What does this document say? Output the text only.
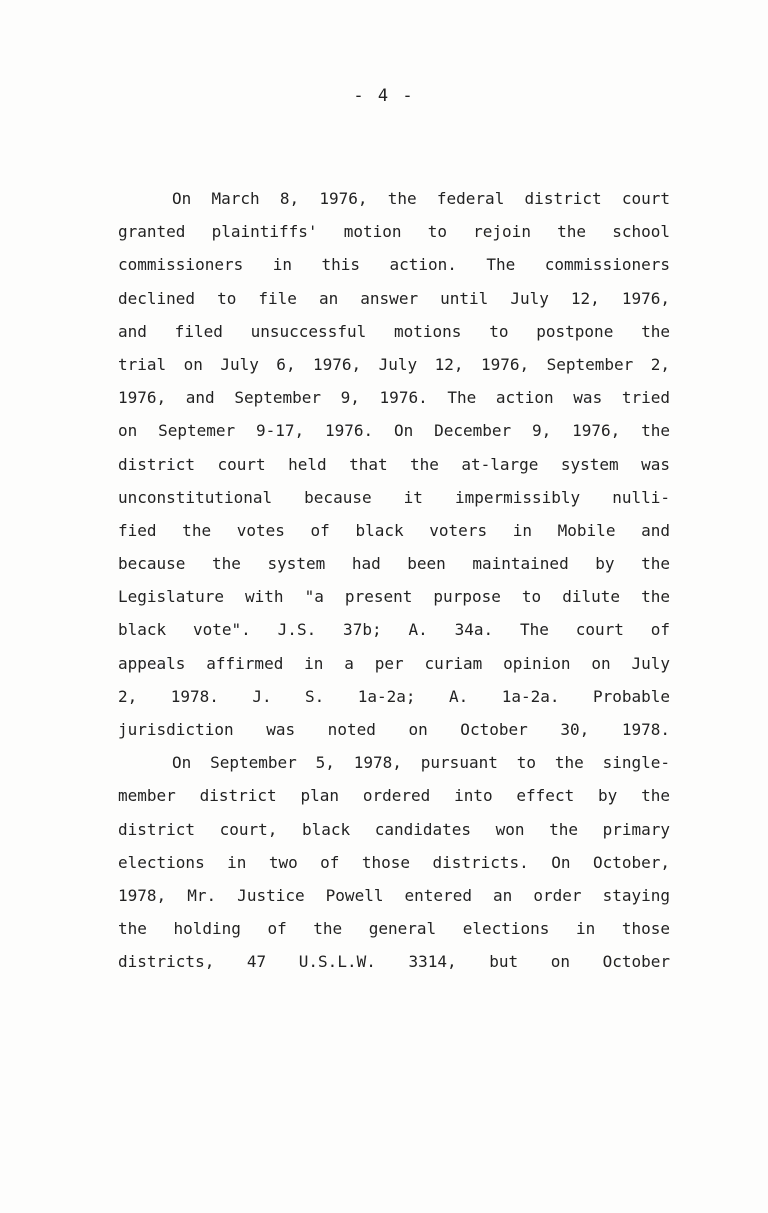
- 4 -
On March 8, 1976, the federal district court
granted plaintiffs' motion to rejoin the school
commissioners in this action. The commissioners
declined to file an answer until July 12, 1976,
and filed unsuccessful motions to postpone the
trial on July 6, 1976, July 12, 1976, September 2,
1976, and September 9, 1976. The action was tried
on Septemer 9-17, 1976. On December 9, 1976, the
district court held that the at-large system was
unconstitutional because it impermissibly nulli-
fied the votes of black voters in Mobile and
because the system had been maintained by the
Legislature with "a present purpose to dilute the
black vote". J.S. 37b; A. 34a. The court of
appeals affirmed in a per curiam opinion on July
2, 1978. J. S. 1a-2a; A. 1a-2a. Probable
jurisdiction was noted on October 30, 1978.
On September 5, 1978, pursuant to the single-
member district plan ordered into effect by the
district court, black candidates won the primary
elections in two of those districts. On October,
1978, Mr. Justice Powell entered an order staying
the holding of the general elections in those
districts, 47 U.S.L.W. 3314, but on October
